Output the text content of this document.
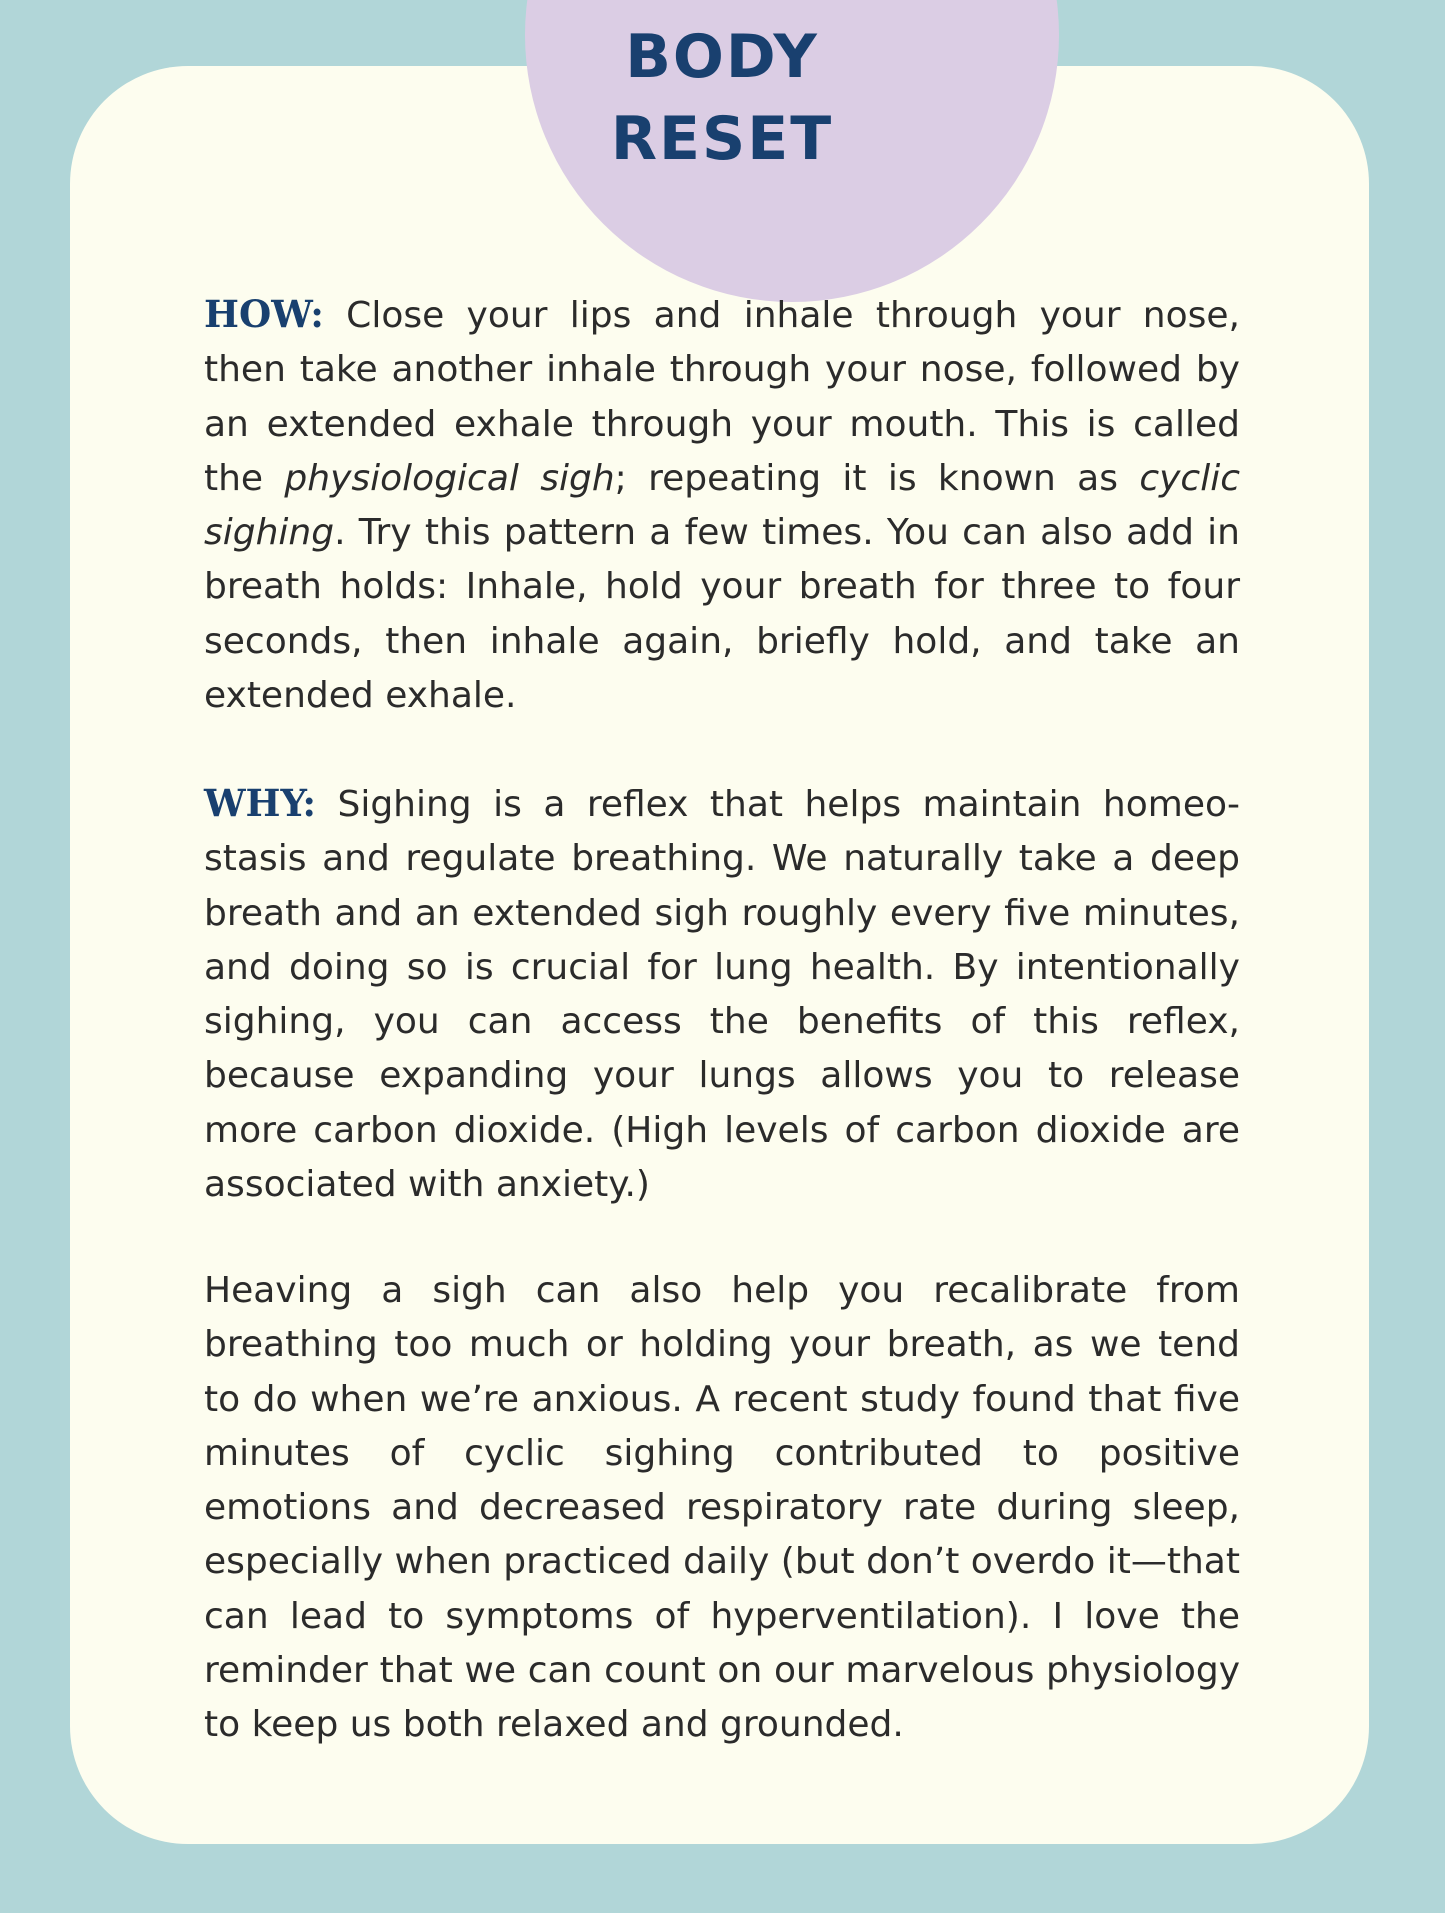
BODY
RESET

HOW: Close your lips and inhale through your nose, then take another inhale through your nose, followed by an extended exhale through your mouth. This is called the physiological sigh; repeating it is known as cyclic sighing. Try this pattern a few times. You can also add in breath holds: Inhale, hold your breath for three to four seconds, then inhale again, briefly hold, and take an extended exhale.

WHY: Sighing is a reflex that helps maintain homeostasis and regulate breathing. We naturally take a deep breath and an extended sigh roughly every five minutes, and doing so is crucial for lung health. By intentionally sighing, you can access the benefits of this reflex, because expanding your lungs allows you to release more carbon dioxide. (High levels of carbon dioxide are associated with anxiety.)

Heaving a sigh can also help you recalibrate from breathing too much or holding your breath, as we tend to do when we’re anxious. A recent study found that five minutes of cyclic sighing contributed to positive emotions and decreased respiratory rate during sleep, especially when practiced daily (but don’t overdo it—that can lead to symptoms of hyperventilation). I love the reminder that we can count on our marvelous physiology to keep us both relaxed and grounded.
